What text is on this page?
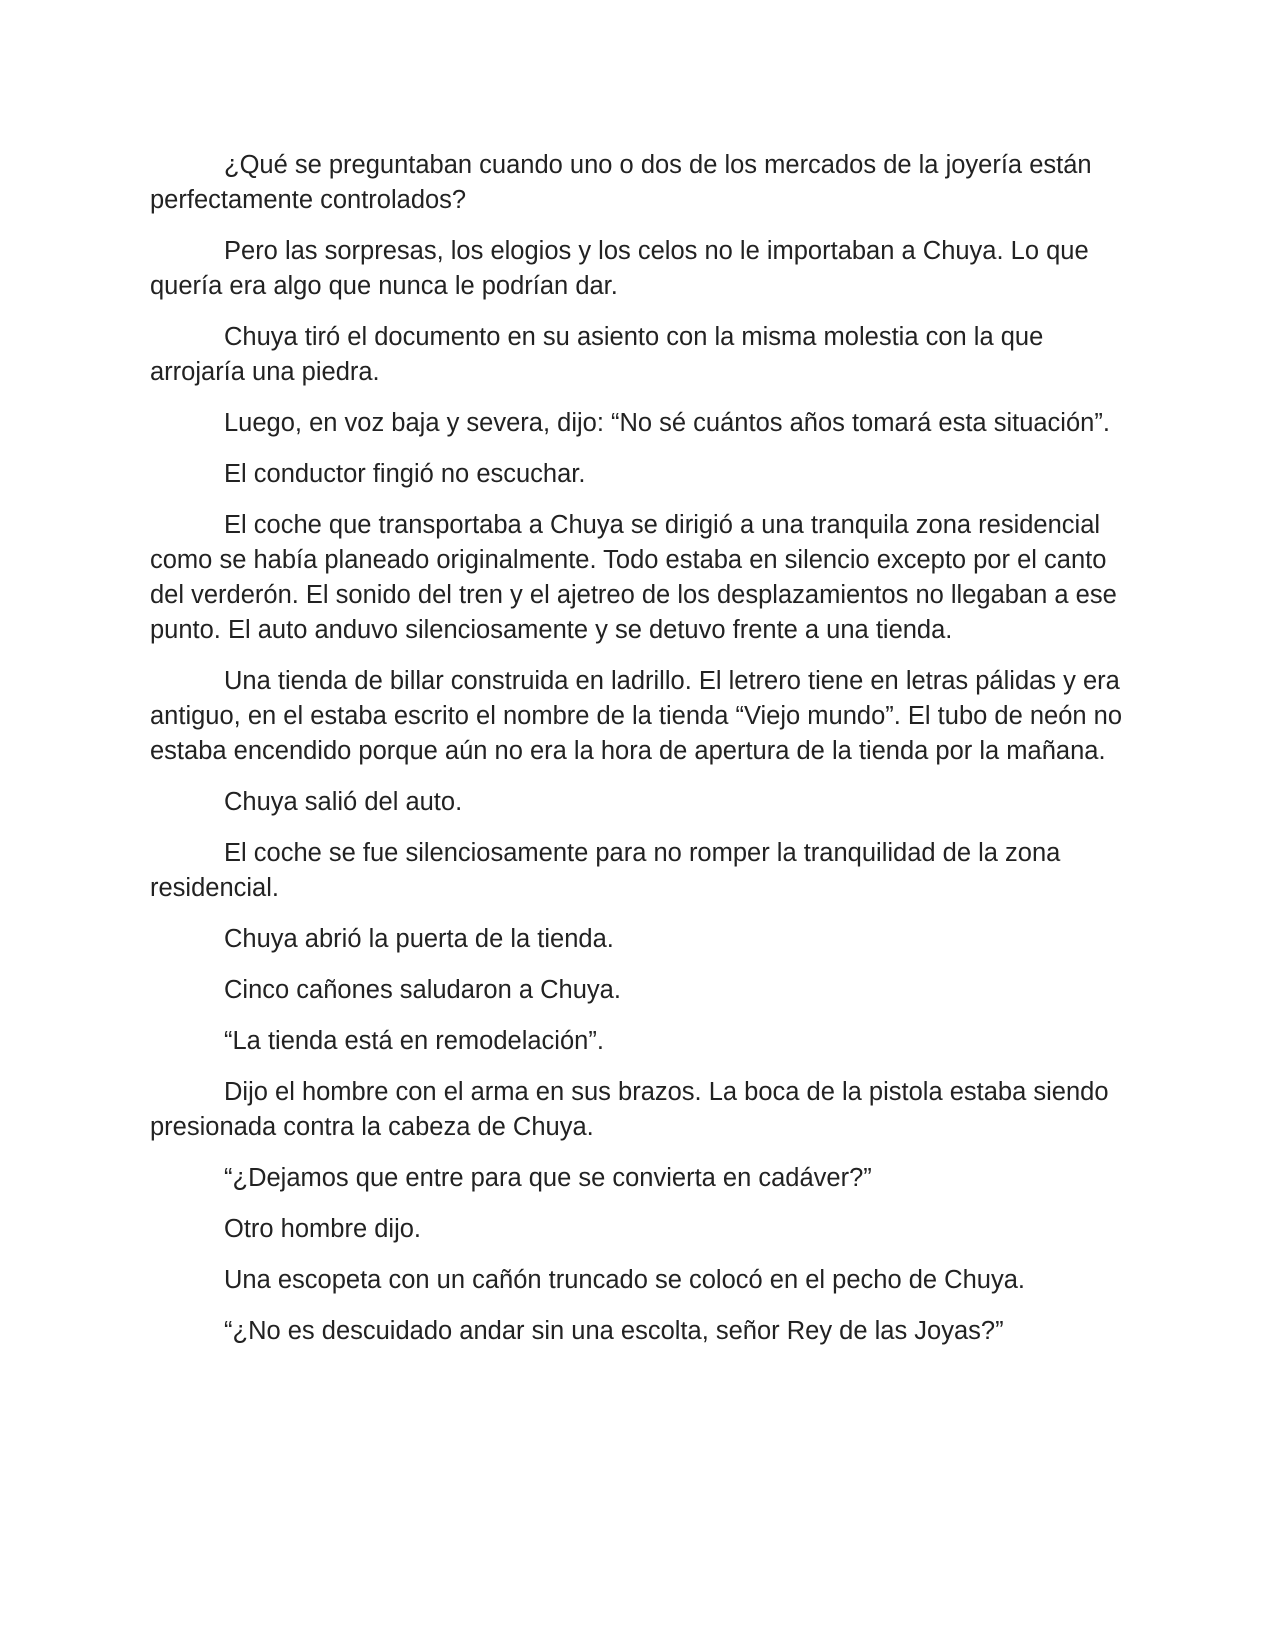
¿Qué se preguntaban cuando uno o dos de los mercados de la joyería están perfectamente controlados?

Pero las sorpresas, los elogios y los celos no le importaban a Chuya. Lo que quería era algo que nunca le podrían dar.

Chuya tiró el documento en su asiento con la misma molestia con la que arrojaría una piedra.

Luego, en voz baja y severa, dijo: “No sé cuántos años tomará esta situación”.

El conductor fingió no escuchar.

El coche que transportaba a Chuya se dirigió a una tranquila zona residencial como se había planeado originalmente. Todo estaba en silencio excepto por el canto del verderón. El sonido del tren y el ajetreo de los desplazamientos no llegaban a ese punto. El auto anduvo silenciosamente y se detuvo frente a una tienda.

Una tienda de billar construida en ladrillo. El letrero tiene en letras pálidas y era antiguo, en el estaba escrito el nombre de la tienda “Viejo mundo”. El tubo de neón no estaba encendido porque aún no era la hora de apertura de la tienda por la mañana.

Chuya salió del auto.

El coche se fue silenciosamente para no romper la tranquilidad de la zona residencial.

Chuya abrió la puerta de la tienda.

Cinco cañones saludaron a Chuya.

“La tienda está en remodelación”.

Dijo el hombre con el arma en sus brazos. La boca de la pistola estaba siendo presionada contra la cabeza de Chuya.

“¿Dejamos que entre para que se convierta en cadáver?”

Otro hombre dijo.

Una escopeta con un cañón truncado se colocó en el pecho de Chuya.

“¿No es descuidado andar sin una escolta, señor Rey de las Joyas?”
